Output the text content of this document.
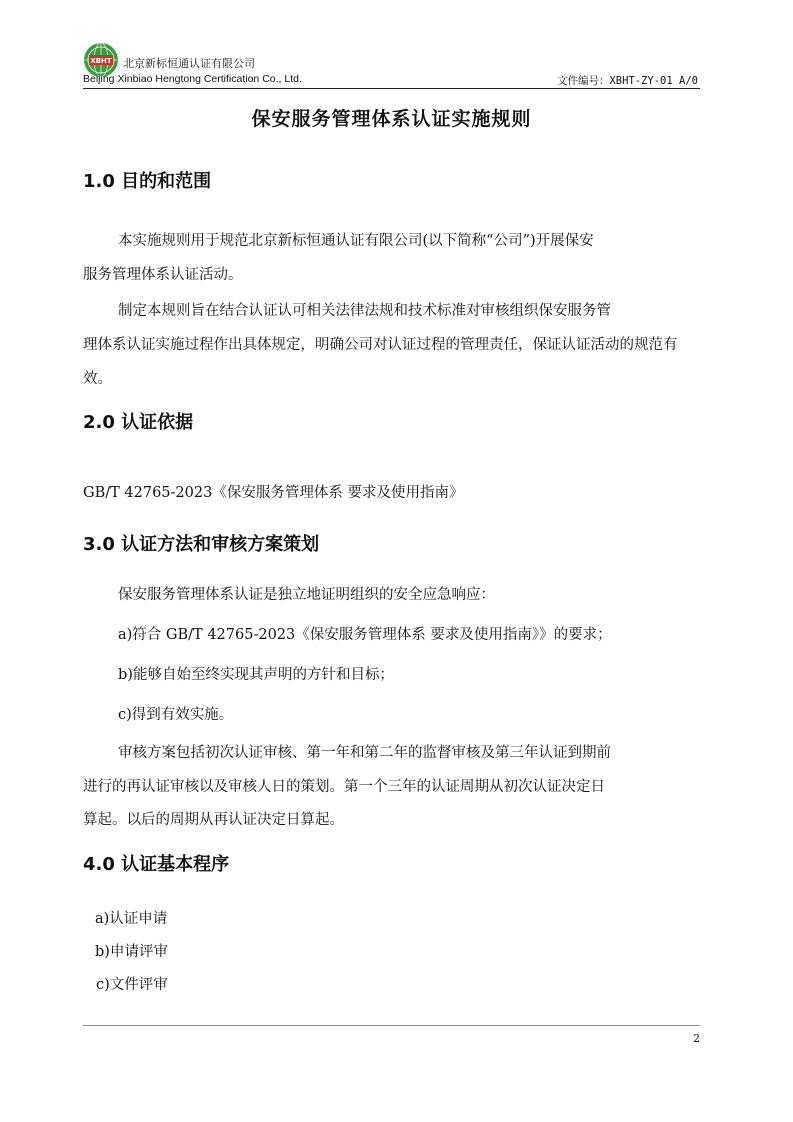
XBHT 北京新标恒通认证有限公司
Beijing Xinbiao Hengtong Certification Co., Ltd.	文件编号：XBHT-ZY-01 A/0
保安服务管理体系认证实施规则
1.0 目的和范围
本实施规则用于规范北京新标恒通认证有限公司(以下简称“公司”)开展保安
服务管理体系认证活动。
制定本规则旨在结合认证认可相关法律法规和技术标准对审核组织保安服务管
理体系认证实施过程作出具体规定，明确公司对认证过程的管理责任，保证认证活动的规范有
效。
2.0 认证依据
GB/T 42765-2023《保安服务管理体系 要求及使用指南》
3.0 认证方法和审核方案策划
保安服务管理体系认证是独立地证明组织的安全应急响应：
a)符合 GB/T 42765-2023《保安服务管理体系 要求及使用指南》》的要求；
b)能够自始至终实现其声明的方针和目标；
c)得到有效实施。
审核方案包括初次认证审核、第一年和第二年的监督审核及第三年认证到期前
进行的再认证审核以及审核人日的策划。第一个三年的认证周期从初次认证决定日
算起。以后的周期从再认证决定日算起。
4.0 认证基本程序
a)认证申请
b)申请评审
c)文件评审
2
